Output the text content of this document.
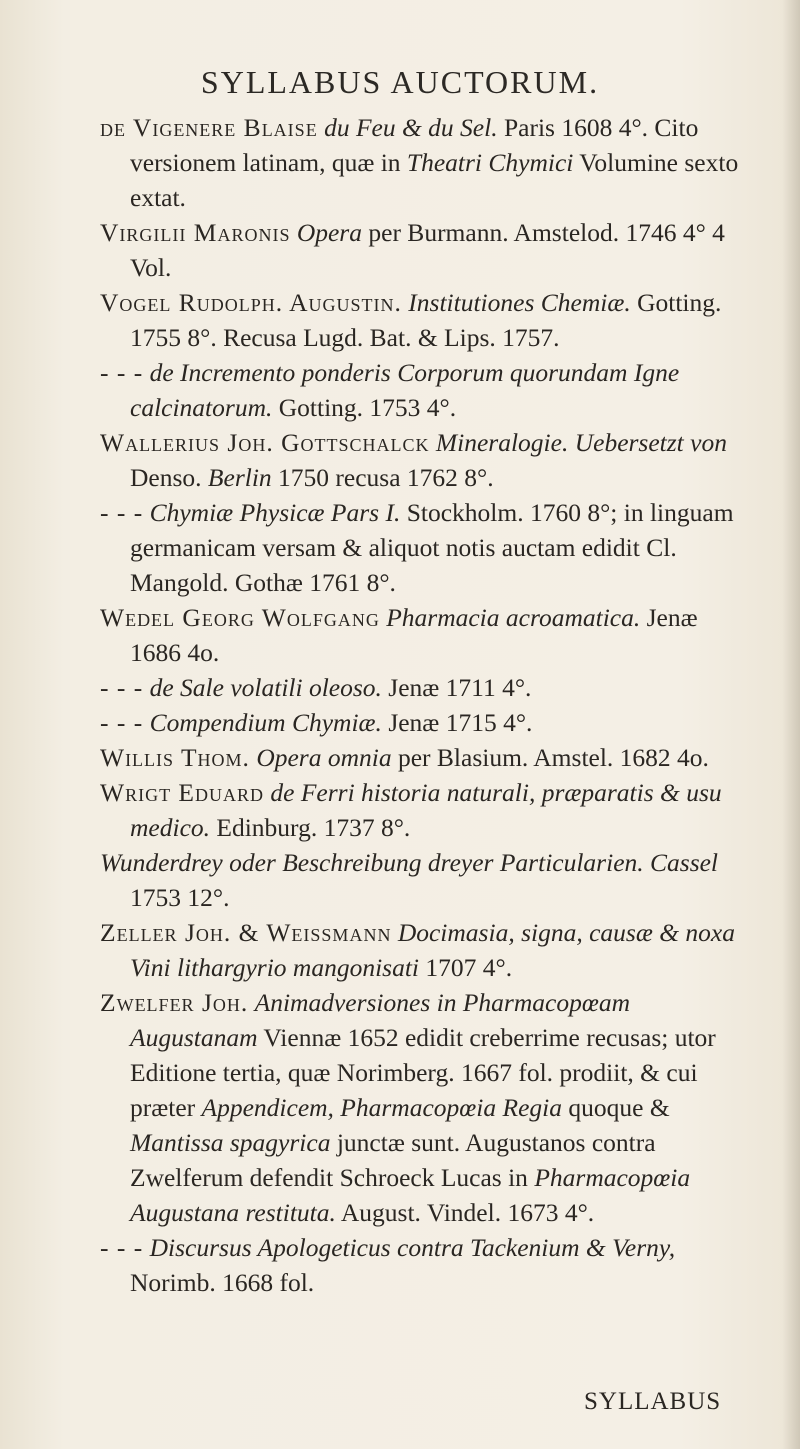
SYLLABUS AUCTORUM.

de Vigenere Blaise du Feu & du Sel. Paris 1608 4°. Cito versionem latinam, quæ in Theatri Chymici Volumine sexto extat.

Virgilii Maronis Opera per Burmann. Amstelod. 1746 4° 4 Vol.

Vogel Rudolph. Augustin. Institutiones Chemiæ. Gotting. 1755 8°. Recusa Lugd. Bat. & Lips. 1757.

- - - de Incremento ponderis Corporum quorundam Igne calcinatorum. Gotting. 1753 4°.

Wallerius Joh. Gottschalck Mineralogie. Uebersetzt von Denso. Berlin 1750 recusa 1762 8°.

- - - Chymiæ Physicæ Pars I. Stockholm. 1760 8°; in linguam germanicam versam & aliquot notis auctam edidit Cl. Mangold. Gothæ 1761 8°.

Wedel Georg Wolfgang Pharmacia acroamatica. Jenæ 1686 4o.

- - - de Sale volatili oleoso. Jenæ 1711 4°.

- - - Compendium Chymiæ. Jenæ 1715 4°.

Willis Thom. Opera omnia per Blasium. Amstel. 1682 4o.

Wrigt Eduard de Ferri historia naturali, præparatis & usu medico. Edinburg. 1737 8°.

Wunderdrey oder Beschreibung dreyer Particularien. Cassel 1753 12°.

Zeller Joh. & Weissmann Docimasia, signa, causæ & noxa Vini lithargyrio mangonisati 1707 4°.

Zwelfer Joh. Animadversiones in Pharmacopœam Augustanam Viennæ 1652 edidit creberrime recusas; utor Editione tertia, quæ Norimberg. 1667 fol. prodiit, & cui præter Appendicem, Pharmacopœia Regia quoque & Mantissa spagyrica junctæ sunt. Augustanos contra Zwelferum defendit Schroeck Lucas in Pharmacopœia Augustana restituta. August. Vindel. 1673 4°.

- - - Discursus Apologeticus contra Tackenium & Verny, Norimb. 1668 fol.

SYLLABUS
